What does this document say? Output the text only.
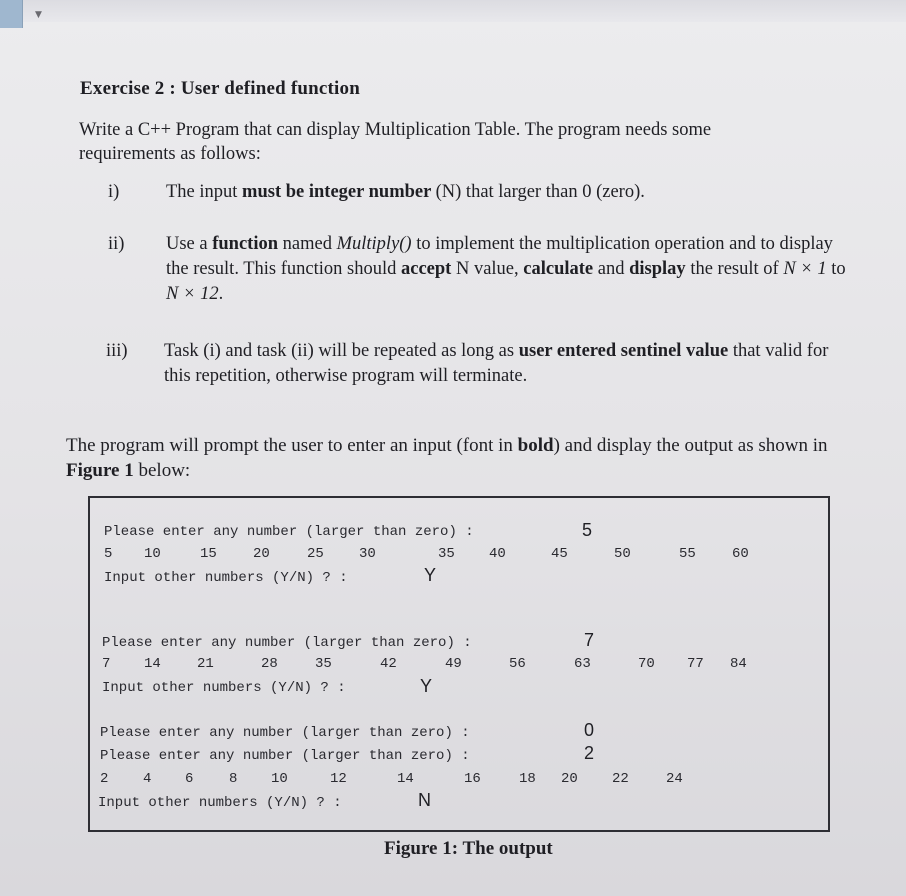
▼
Exercise 2 : User defined function
Write a C++ Program that can display Multiplication Table. The program needs some
requirements as follows:
i)	The input must be integer number (N) that larger than 0 (zero).
ii)	Use a function named Multiply() to implement the multiplication operation and to display the result. This function should accept N value, calculate and display the result of N × 1 to N × 12.
iii)	Task (i) and task (ii) will be repeated as long as user entered sentinel value that valid for this repetition, otherwise program will terminate.
The program will prompt the user to enter an input (font in bold) and display the output as shown in Figure 1 below:
Please enter any number (larger than zero) :	5
5 10	15	20	25	30	35 40	45	50	55	60
Input other numbers (Y/N) ? :	Y
Please enter any number (larger than zero) :	7
7 14	21	28	35	42	49	56	63	70 77 84
Input other numbers (Y/N) ? :	Y
Please enter any number (larger than zero) :	0
Please enter any number (larger than zero) :	2
2 4 6	8 10	12	14	16	18 20 22	24
Input other numbers (Y/N) ? :	N
Figure 1: The output
